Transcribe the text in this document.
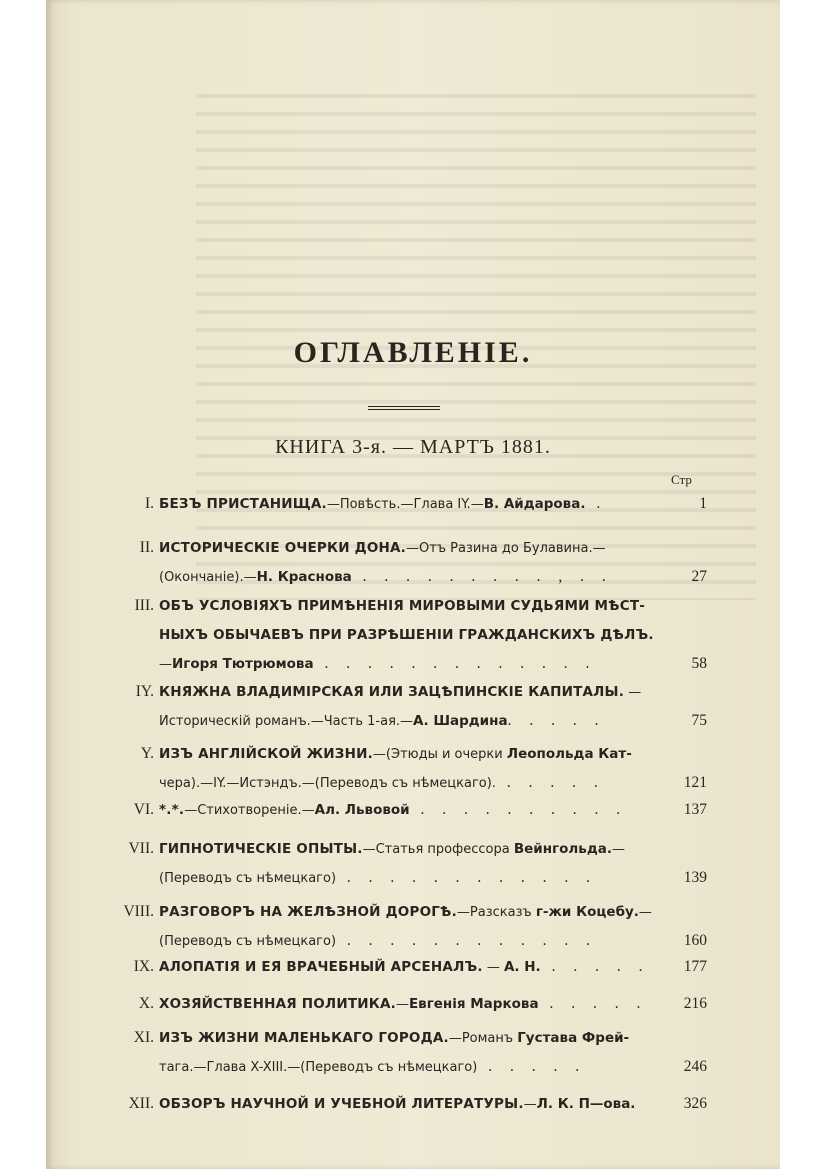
ОГЛАВЛЕНІЕ.
КНИГА 3-я. — МАРТЪ 1881.
Стр
I. БЕЗЪ ПРИСТАНИЩА.—Повѣсть.—Глава IY.—В. Айдарова. .	1
II. ИСТОРИЧЕСКІЕ ОЧЕРКИ ДОНА.—Отъ Разина до Булавина.—
(Окончаніе).—Н. Краснова . . . . . . . . . , . .	27
III. ОБЪ УСЛОВІЯХЪ ПРИМѢНЕНІЯ МИРОВЫМИ СУДЬЯМИ МѢСТ-
НЫХЪ ОБЫЧАЕВЪ ПРИ РАЗРѢШЕНІИ ГРАЖДАНСКИХЪ ДѢЛЪ.
—Игоря Тютрюмова . . . . . . . . . . . . .	58
IY. КНЯЖНА ВЛАДИМІРСКАЯ ИЛИ ЗАЦѢПИНСКІЕ КАПИТАЛЫ. —
Историческій романъ.—Часть 1-ая.—А. Шардина. . . . .	75
Y. ИЗЪ АНГЛІЙСКОЙ ЖИЗНИ.—(Этюды и очерки Леопольда Кат-
чера).—IY.—Истэндъ.—(Переводъ съ нѣмецкаго). . . . . .	121
VI. *.*.—Стихотвореніе.—Ал. Львовой . . . . . . . . . .	137
VII. ГИПНОТИЧЕСКІЕ ОПЫТЫ.—Статья профессора Вейнгольда.—
(Переводъ съ нѣмецкаго) . . . . . . . . . . . .	139
VIII. РАЗГОВОРЪ НА ЖЕЛѢЗНОЙ ДОРОГѢ.—Разсказъ г-жи Коцебу.—
(Переводъ съ нѣмецкаго) . . . . . . . . . . . .	160
IX. АЛОПАТІЯ И ЕЯ ВРАЧЕБНЫЙ АРСЕНАЛЪ. — А. Н. . . . . .	177
X. ХОЗЯЙСТВЕННАЯ ПОЛИТИКА.—Евгенія Маркова . . . . .	216
XI. ИЗЪ ЖИЗНИ МАЛЕНЬКАГО ГОРОДА.—Романъ Густава Фрей-
тага.—Глава X-XIII.—(Переводъ съ нѣмецкаго) . . . . .	246
XII. ОБЗОРЪ НАУЧНОЙ И УЧЕБНОЙ ЛИТЕРАТУРЫ.—Л. К. П—ова.	326
